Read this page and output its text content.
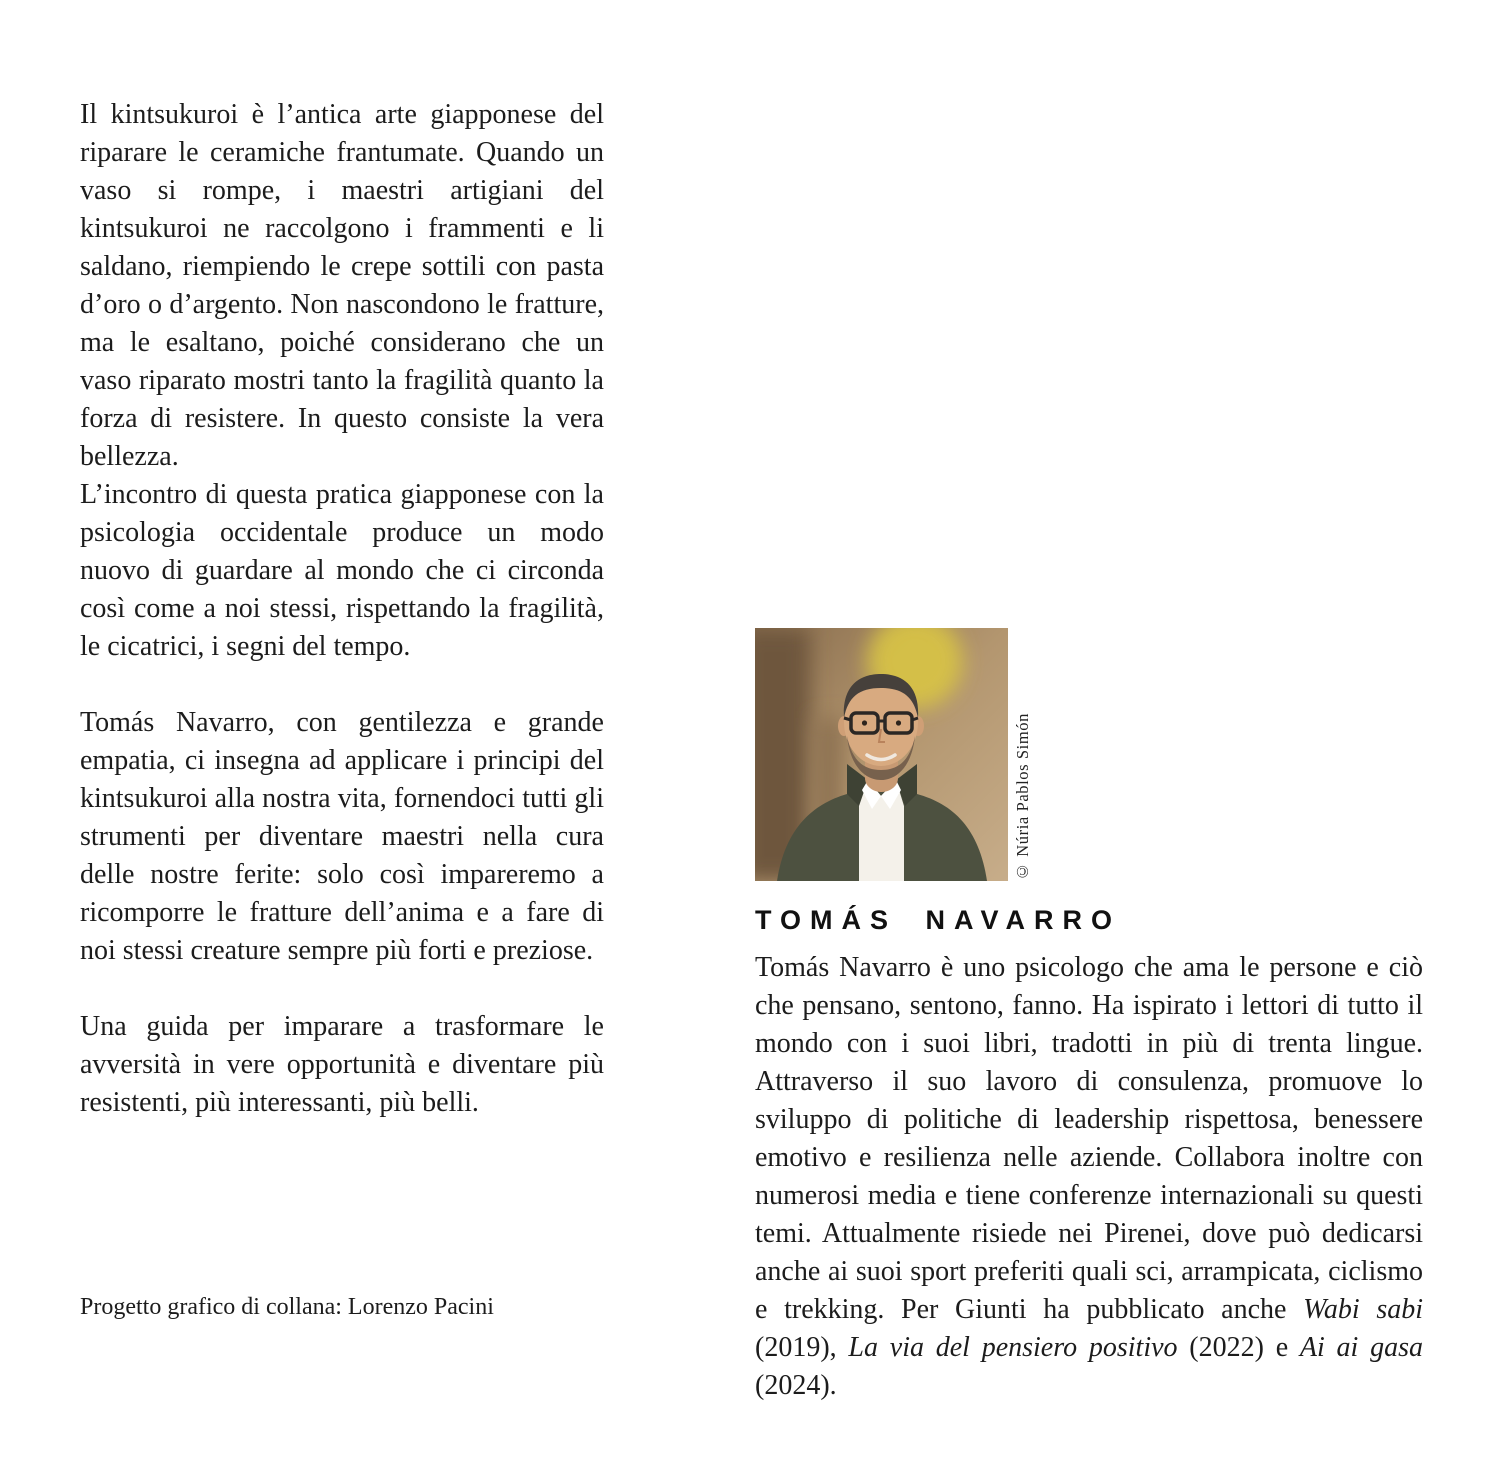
Il kintsukuroi è l’antica arte giapponese del riparare le ceramiche frantumate. Quando un vaso si rompe, i maestri artigiani del kintsukuroi ne raccolgono i frammenti e li saldano, riempiendo le crepe sottili con pasta d’oro o d’argento. Non nascondono le fratture, ma le esaltano, poiché considerano che un vaso riparato mostri tanto la fragilità quanto la forza di resistere. In questo consiste la vera bellezza.

L’incontro di questa pratica giapponese con la psicologia occidentale produce un modo nuovo di guardare al mondo che ci circonda così come a noi stessi, rispettando la fragilità, le cicatrici, i segni del tempo.

Tomás Navarro, con gentilezza e grande empatia, ci insegna ad applicare i principi del kintsukuroi alla nostra vita, fornendoci tutti gli strumenti per diventare maestri nella cura delle nostre ferite: solo così impareremo a ricomporre le fratture dell’anima e a fare di noi stessi creature sempre più forti e preziose.

Una guida per imparare a trasformare le avversità in vere opportunità e diventare più resistenti, più interessanti, più belli.

Progetto grafico di collana: Lorenzo Pacini

© Núria Pablos Simón
TOMÁS NAVARRO

Tomás Navarro è uno psicologo che ama le persone e ciò che pensano, sentono, fanno. Ha ispirato i lettori di tutto il mondo con i suoi libri, tradotti in più di trenta lingue. Attraverso il suo lavoro di consulenza, promuove lo sviluppo di politiche di leadership rispettosa, benessere emotivo e resilienza nelle aziende. Collabora inoltre con numerosi media e tiene conferenze internazionali su questi temi. Attualmente risiede nei Pirenei, dove può dedicarsi anche ai suoi sport preferiti quali sci, arrampicata, ciclismo e trekking. Per Giunti ha pubblicato anche Wabi sabi (2019), La via del pensiero positivo (2022) e Ai ai gasa (2024).
